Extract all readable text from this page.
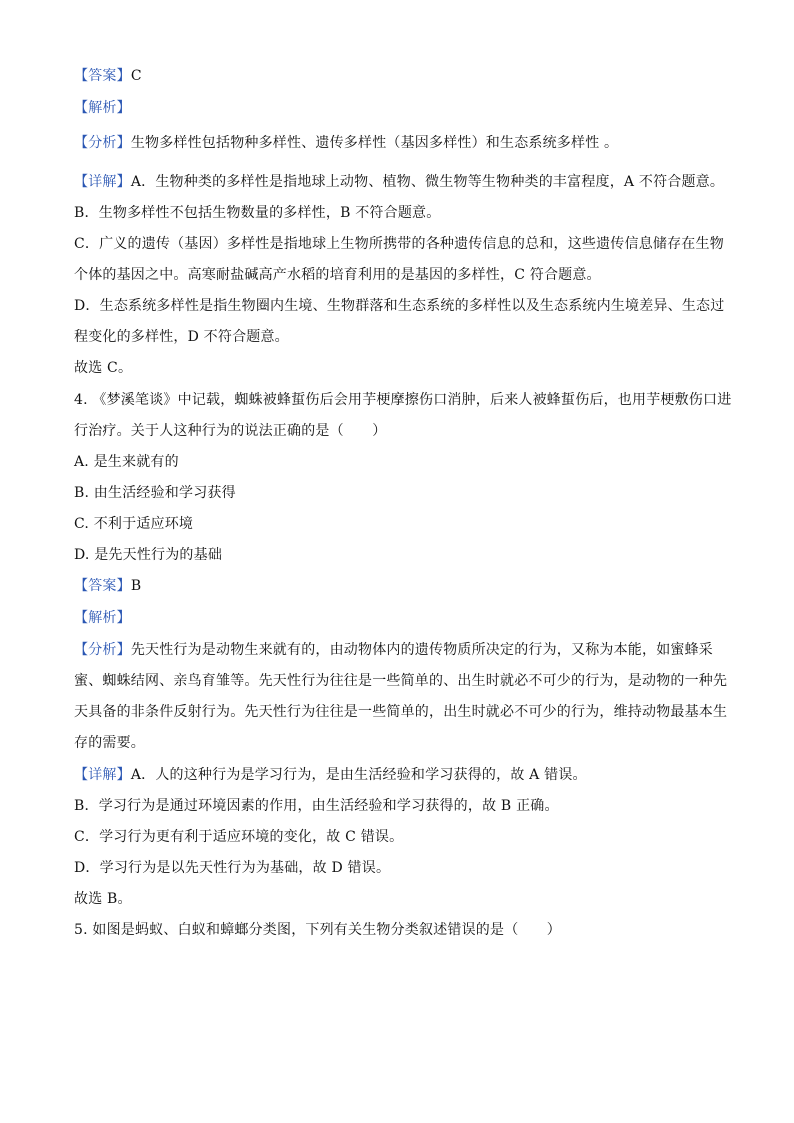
【答案】C
【解析】
【分析】生物多样性包括物种多样性、遗传多样性（基因多样性）和生态系统多样性 。
【详解】A．生物种类的多样性是指地球上动物、植物、微生物等生物种类的丰富程度，A 不符合题意。
B．生物多样性不包括生物数量的多样性，B 不符合题意。
C．广义的遗传（基因）多样性是指地球上生物所携带的各种遗传信息的总和，这些遗传信息储存在生物
个体的基因之中。高寒耐盐碱高产水稻的培育利用的是基因的多样性，C 符合题意。
D．生态系统多样性是指生物圈内生境、生物群落和生态系统的多样性以及生态系统内生境差异、生态过
程变化的多样性，D 不符合题意。
故选 C。
4. 《梦溪笔谈》中记载，蜘蛛被蜂蜇伤后会用芋梗摩擦伤口消肿，后来人被蜂蜇伤后，也用芋梗敷伤口进
行治疗。关于人这种行为的说法正确的是（　　）
A. 是生来就有的
B. 由生活经验和学习获得
C. 不利于适应环境
D. 是先天性行为的基础
【答案】B
【解析】
【分析】先天性行为是动物生来就有的，由动物体内的遗传物质所决定的行为，又称为本能，如蜜蜂采
蜜、蜘蛛结网、亲鸟育雏等。先天性行为往往是一些简单的、出生时就必不可少的行为，是动物的一种先
天具备的非条件反射行为。先天性行为往往是一些简单的，出生时就必不可少的行为，维持动物最基本生
存的需要。
【详解】A．人的这种行为是学习行为，是由生活经验和学习获得的，故 A 错误。
B．学习行为是通过环境因素的作用，由生活经验和学习获得的，故 B 正确。
C．学习行为更有利于适应环境的变化，故 C 错误。
D．学习行为是以先天性行为为基础，故 D 错误。
故选 B。
5. 如图是蚂蚁、白蚁和蟑螂分类图，下列有关生物分类叙述错误的是（　　）
